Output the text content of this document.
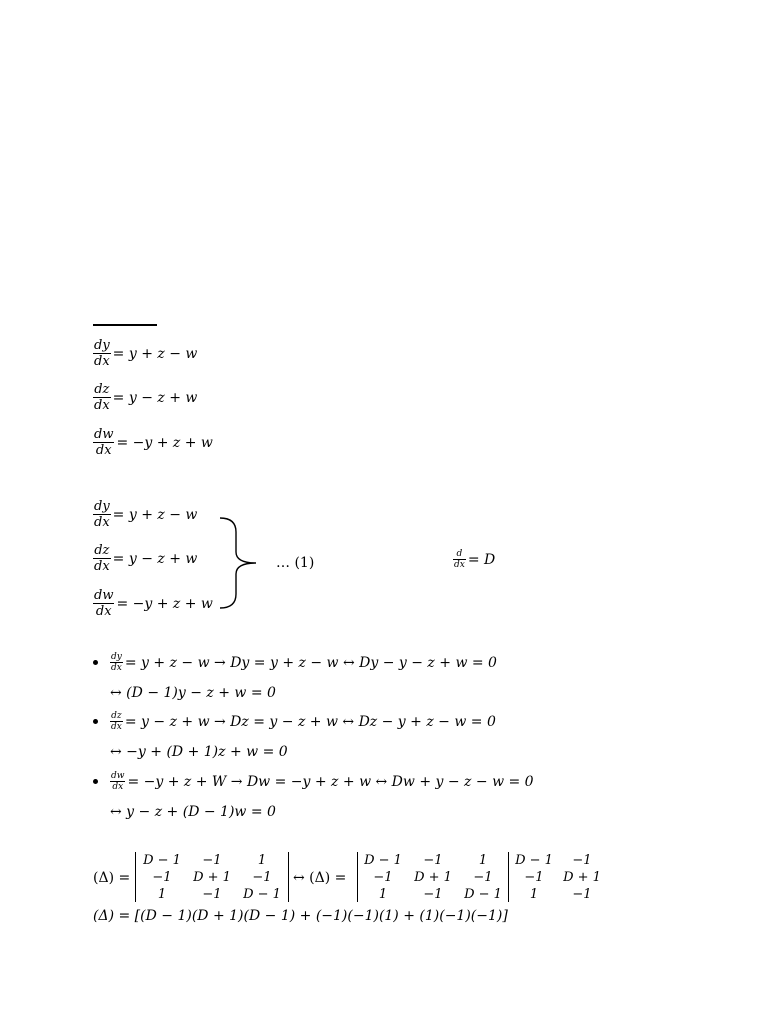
$\frac{dy}{dx} = y + z - w$
$\frac{dz}{dx} = y - z + w$
$\frac{dw}{dx} = -y + z + w$
$\frac{dy}{dx} = y + z - w$
$\frac{dz}{dx} = y - z + w$
$\frac{dw}{dx} = -y + z + w$
… (1)	$\frac{d}{dx} = D$
$\frac{dy}{dx} = y + z - w \to Dy = y + z - w$ ↔ Dy − y − z + w = 0
↔ (D − 1)y − z + w = 0
$\frac{dz}{dx} = y - z + w \to Dz = y - z + w$ ↔ Dz − y + z − w = 0
↔ −y + (D + 1)z + w = 0
$\frac{dw}{dx} = -y + z + W \to Dw = -y + z + w$ ↔ Dw + y − z − w = 0
↔ y − z + (D − 1)w = 0
(Δ) =
D − 1	−1	1
−1	D + 1	−1
1	−1	D − 1
↔ (Δ) =
D − 1	−1	1
−1	D + 1	−1
1	−1	D − 1
D − 1	−1
−1	D + 1
1	−1
(Δ) = [(D − 1)(D + 1)(D − 1) + (−1)(−1)(1) + (1)(−1)(−1)]
